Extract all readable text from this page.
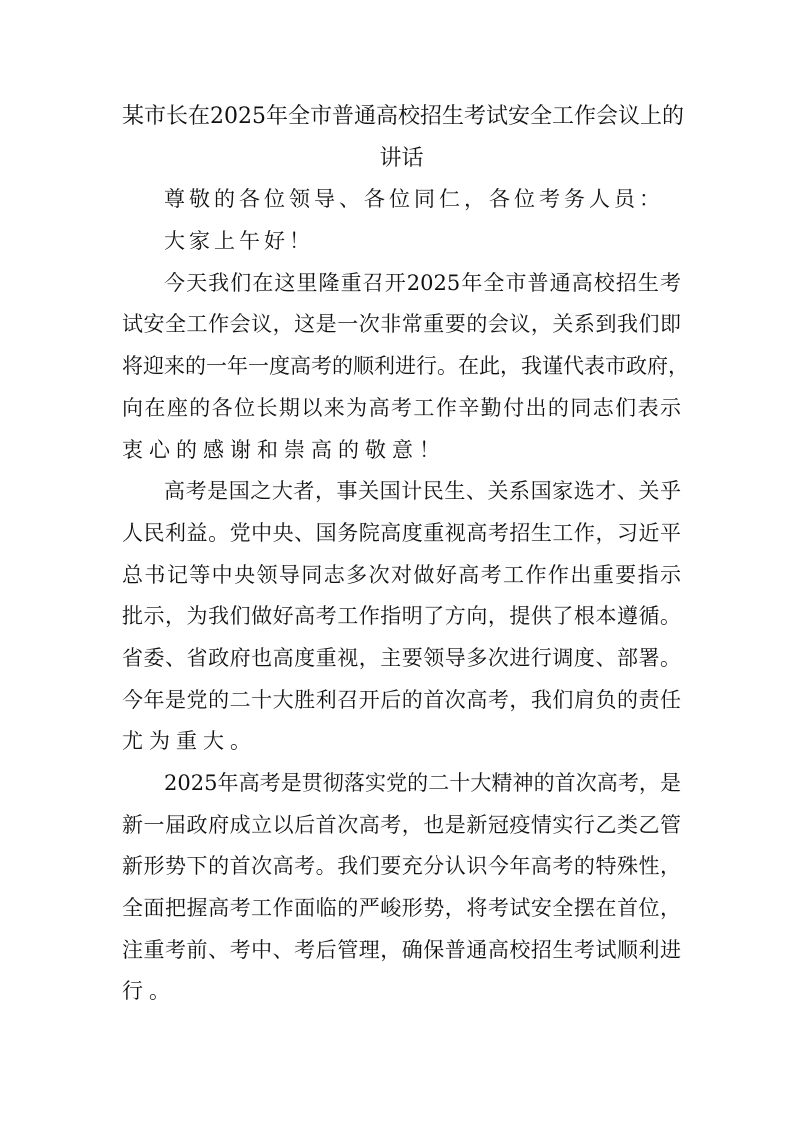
某市长在2025年全市普通高校招生考试安全工作会议上的
讲话
尊敬的各位领导、各位同仁，各位考务人员：
大家上午好！
今天我们在这里隆重召开2025年全市普通高校招生考
试安全工作会议，这是一次非常重要的会议，关系到我们即
将迎来的一年一度高考的顺利进行。在此，我谨代表市政府，
向在座的各位长期以来为高考工作辛勤付出的同志们表示
衷心的感谢和崇高的敬意！
高考是国之大者，事关国计民生、关系国家选才、关乎
人民利益。党中央、国务院高度重视高考招生工作，习近平
总书记等中央领导同志多次对做好高考工作作出重要指示
批示，为我们做好高考工作指明了方向，提供了根本遵循。
省委、省政府也高度重视，主要领导多次进行调度、部署。
今年是党的二十大胜利召开后的首次高考，我们肩负的责任
尤为重大。
2025年高考是贯彻落实党的二十大精神的首次高考，是
新一届政府成立以后首次高考，也是新冠疫情实行乙类乙管
新形势下的首次高考。我们要充分认识今年高考的特殊性，
全面把握高考工作面临的严峻形势，将考试安全摆在首位，
注重考前、考中、考后管理，确保普通高校招生考试顺利进
行。
